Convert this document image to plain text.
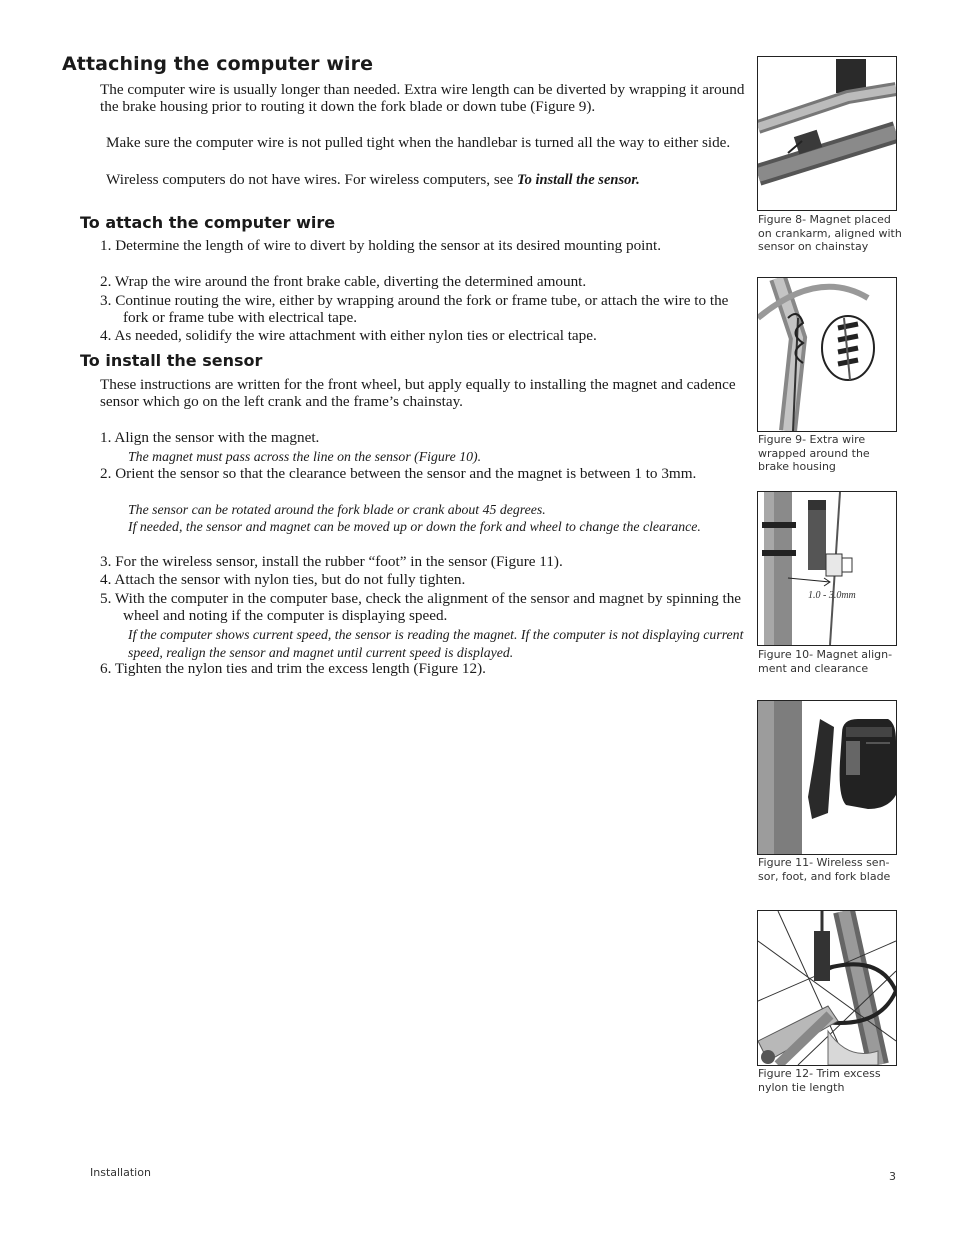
Attaching the computer wire

The computer wire is usually longer than needed. Extra wire length can be diverted by wrapping it around the brake housing prior to routing it down the fork blade or down tube (Figure 9).

Make sure the computer wire is not pulled tight when the handlebar is turned all the way to either side.

Wireless computers do not have wires. For wireless computers, see To install the sensor.

To attach the computer wire

1. Determine the length of wire to divert by holding the sensor at its desired mounting point.

2. Wrap the wire around the front brake cable, diverting the determined amount.

3. Continue routing the wire, either by wrapping around the fork or frame tube, or attach the wire to the fork or frame tube with electrical tape.

4. As needed, solidify the wire attachment with either nylon ties or electrical tape.

To install the sensor

These instructions are written for the front wheel, but apply equally to installing the magnet and cadence sensor which go on the left crank and the frame’s chainstay.

1. Align the sensor with the magnet.

The magnet must pass across the line on the sensor (Figure 10).

2. Orient the sensor so that the clearance between the sensor and the magnet is between 1 to 3mm.

The sensor can be rotated around the fork blade or crank about 45 degrees.

If needed, the sensor and magnet can be moved up or down the fork and wheel to change the clearance.

3. For the wireless sensor, install the rubber “foot” in the sensor (Figure 11).

4. Attach the sensor with nylon ties, but do not fully tighten.

5. With the computer in the computer base, check the alignment of the sensor and magnet by spinning the wheel and noting if the computer is displaying speed.

If the computer shows current speed, the sensor is reading the magnet. If the computer is not displaying current speed, realign the sensor and magnet until current speed is displayed.

6. Tighten the nylon ties and trim the excess length (Figure 12).

Figure 8- Magnet placed on crankarm, aligned with sensor on chainstay

Figure 9- Extra wire wrapped around the brake housing

1.0 - 3.0mm

Figure 10- Magnet align-ment and clearance

Figure 11- Wireless sen-sor, foot, and fork blade

Figure 12- Trim excess nylon tie length

Installation	3
